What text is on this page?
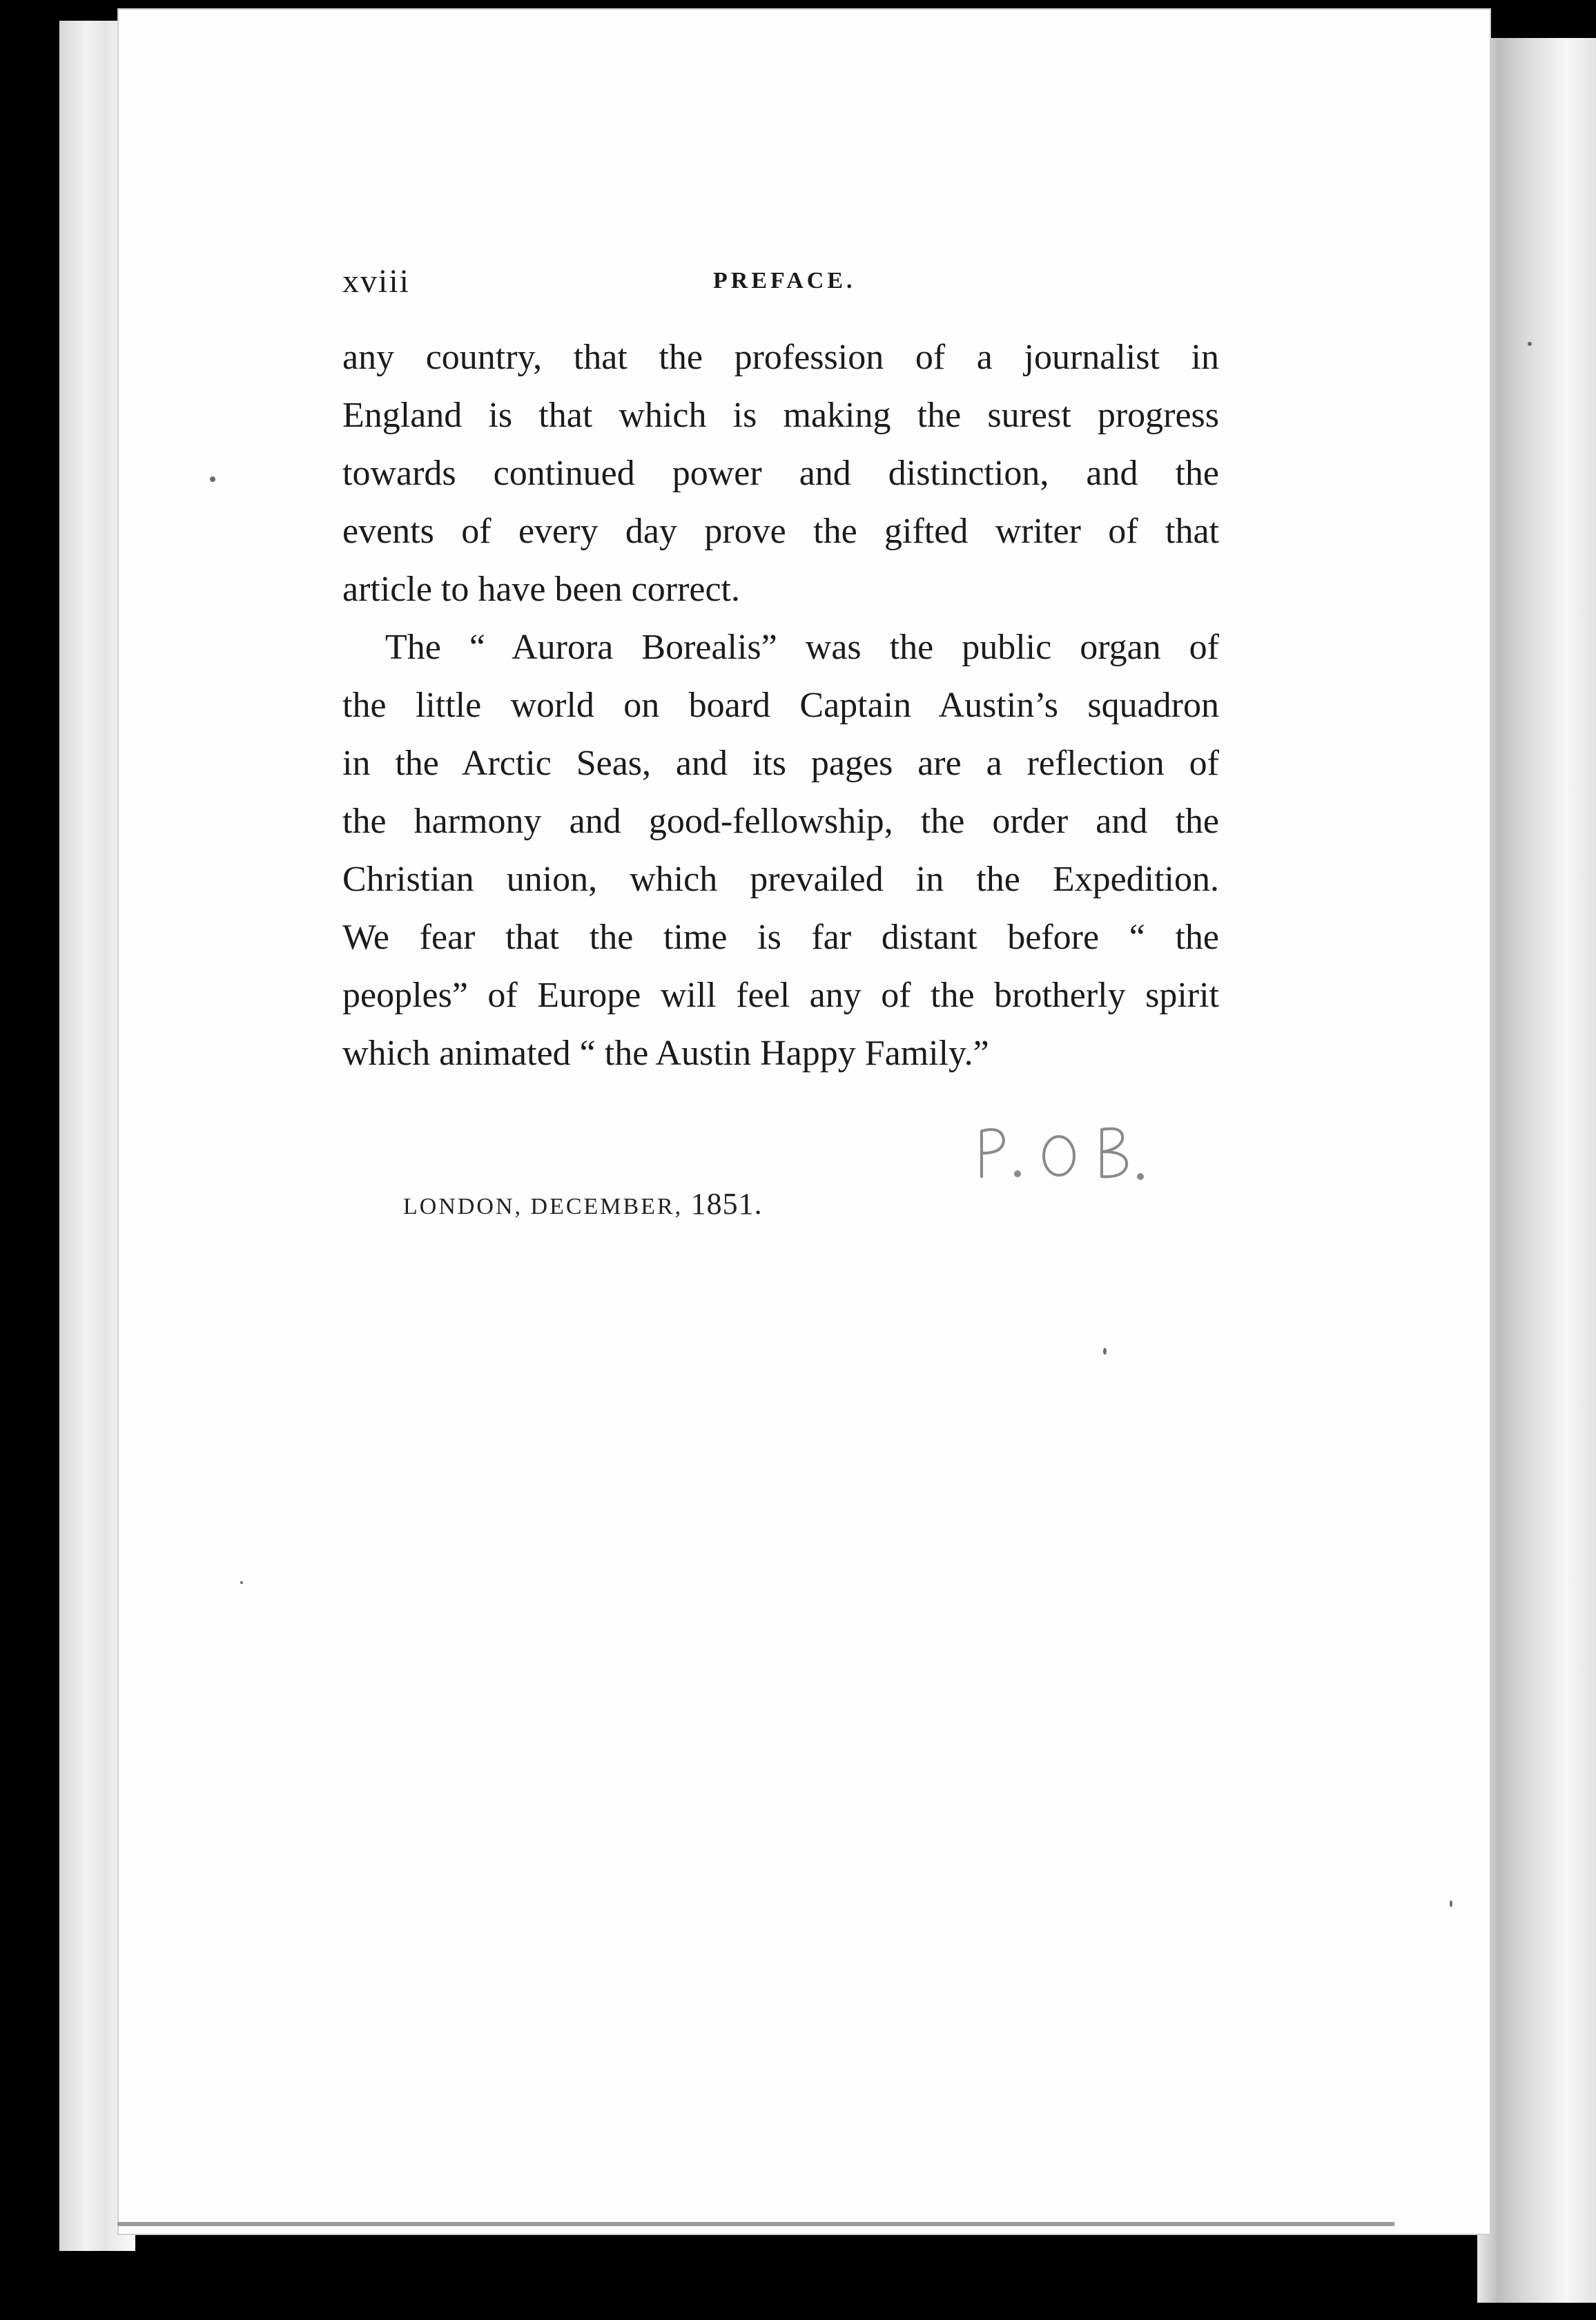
xviii	PREFACE.
any country, that the profession of a journalist in
England is that which is making the surest progress
towards continued power and distinction, and the
events of every day prove the gifted writer of that
article to have been correct.
The “ Aurora Borealis” was the public organ of
the little world on board Captain Austin’s squadron
in the Arctic Seas, and its pages are a reflection of
the harmony and good-fellowship, the order and the
Christian union, which prevailed in the Expedition.
We fear that the time is far distant before “ the
peoples” of Europe will feel any of the brotherly spirit
which animated “ the Austin Happy Family.”
LONDON, DECEMBER, 1851.
